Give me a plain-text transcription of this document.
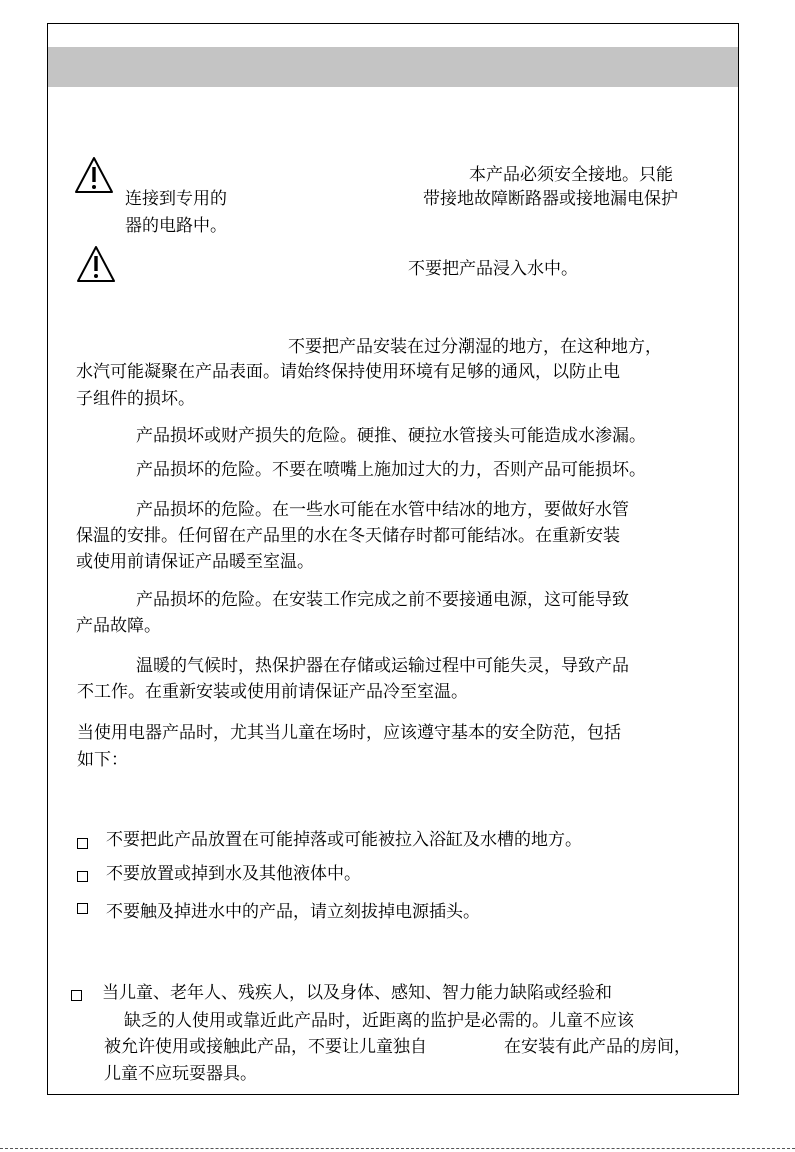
本产品必须安全接地。只能
连接到专用的	带接地故障断路器或接地漏电保护
器的电路中。
不要把产品浸入水中。
不要把产品安装在过分潮湿的地方，在这种地方，
水汽可能凝聚在产品表面。请始终保持使用环境有足够的通风，以防止电
子组件的损坏。
产品损坏或财产损失的危险。硬推、硬拉水管接头可能造成水渗漏。
产品损坏的危险。不要在喷嘴上施加过大的力，否则产品可能损坏。
产品损坏的危险。在一些水可能在水管中结冰的地方，要做好水管
保温的安排。任何留在产品里的水在冬天储存时都可能结冰。在重新安装
或使用前请保证产品暖至室温。
产品损坏的危险。在安装工作完成之前不要接通电源，这可能导致
产品故障。
温暖的气候时，热保护器在存储或运输过程中可能失灵，导致产品
不工作。在重新安装或使用前请保证产品冷至室温。
当使用电器产品时，尤其当儿童在场时，应该遵守基本的安全防范，包括
如下：
不要把此产品放置在可能掉落或可能被拉入浴缸及水槽的地方。
不要放置或掉到水及其他液体中。
不要触及掉进水中的产品，请立刻拔掉电源插头。
当儿童、老年人、残疾人，以及身体、感知、智力能力缺陷或经验和
缺乏的人使用或靠近此产品时，近距离的监护是必需的。儿童不应该
被允许使用或接触此产品，不要让儿童独自	在安装有此产品的房间，
儿童不应玩耍器具。
